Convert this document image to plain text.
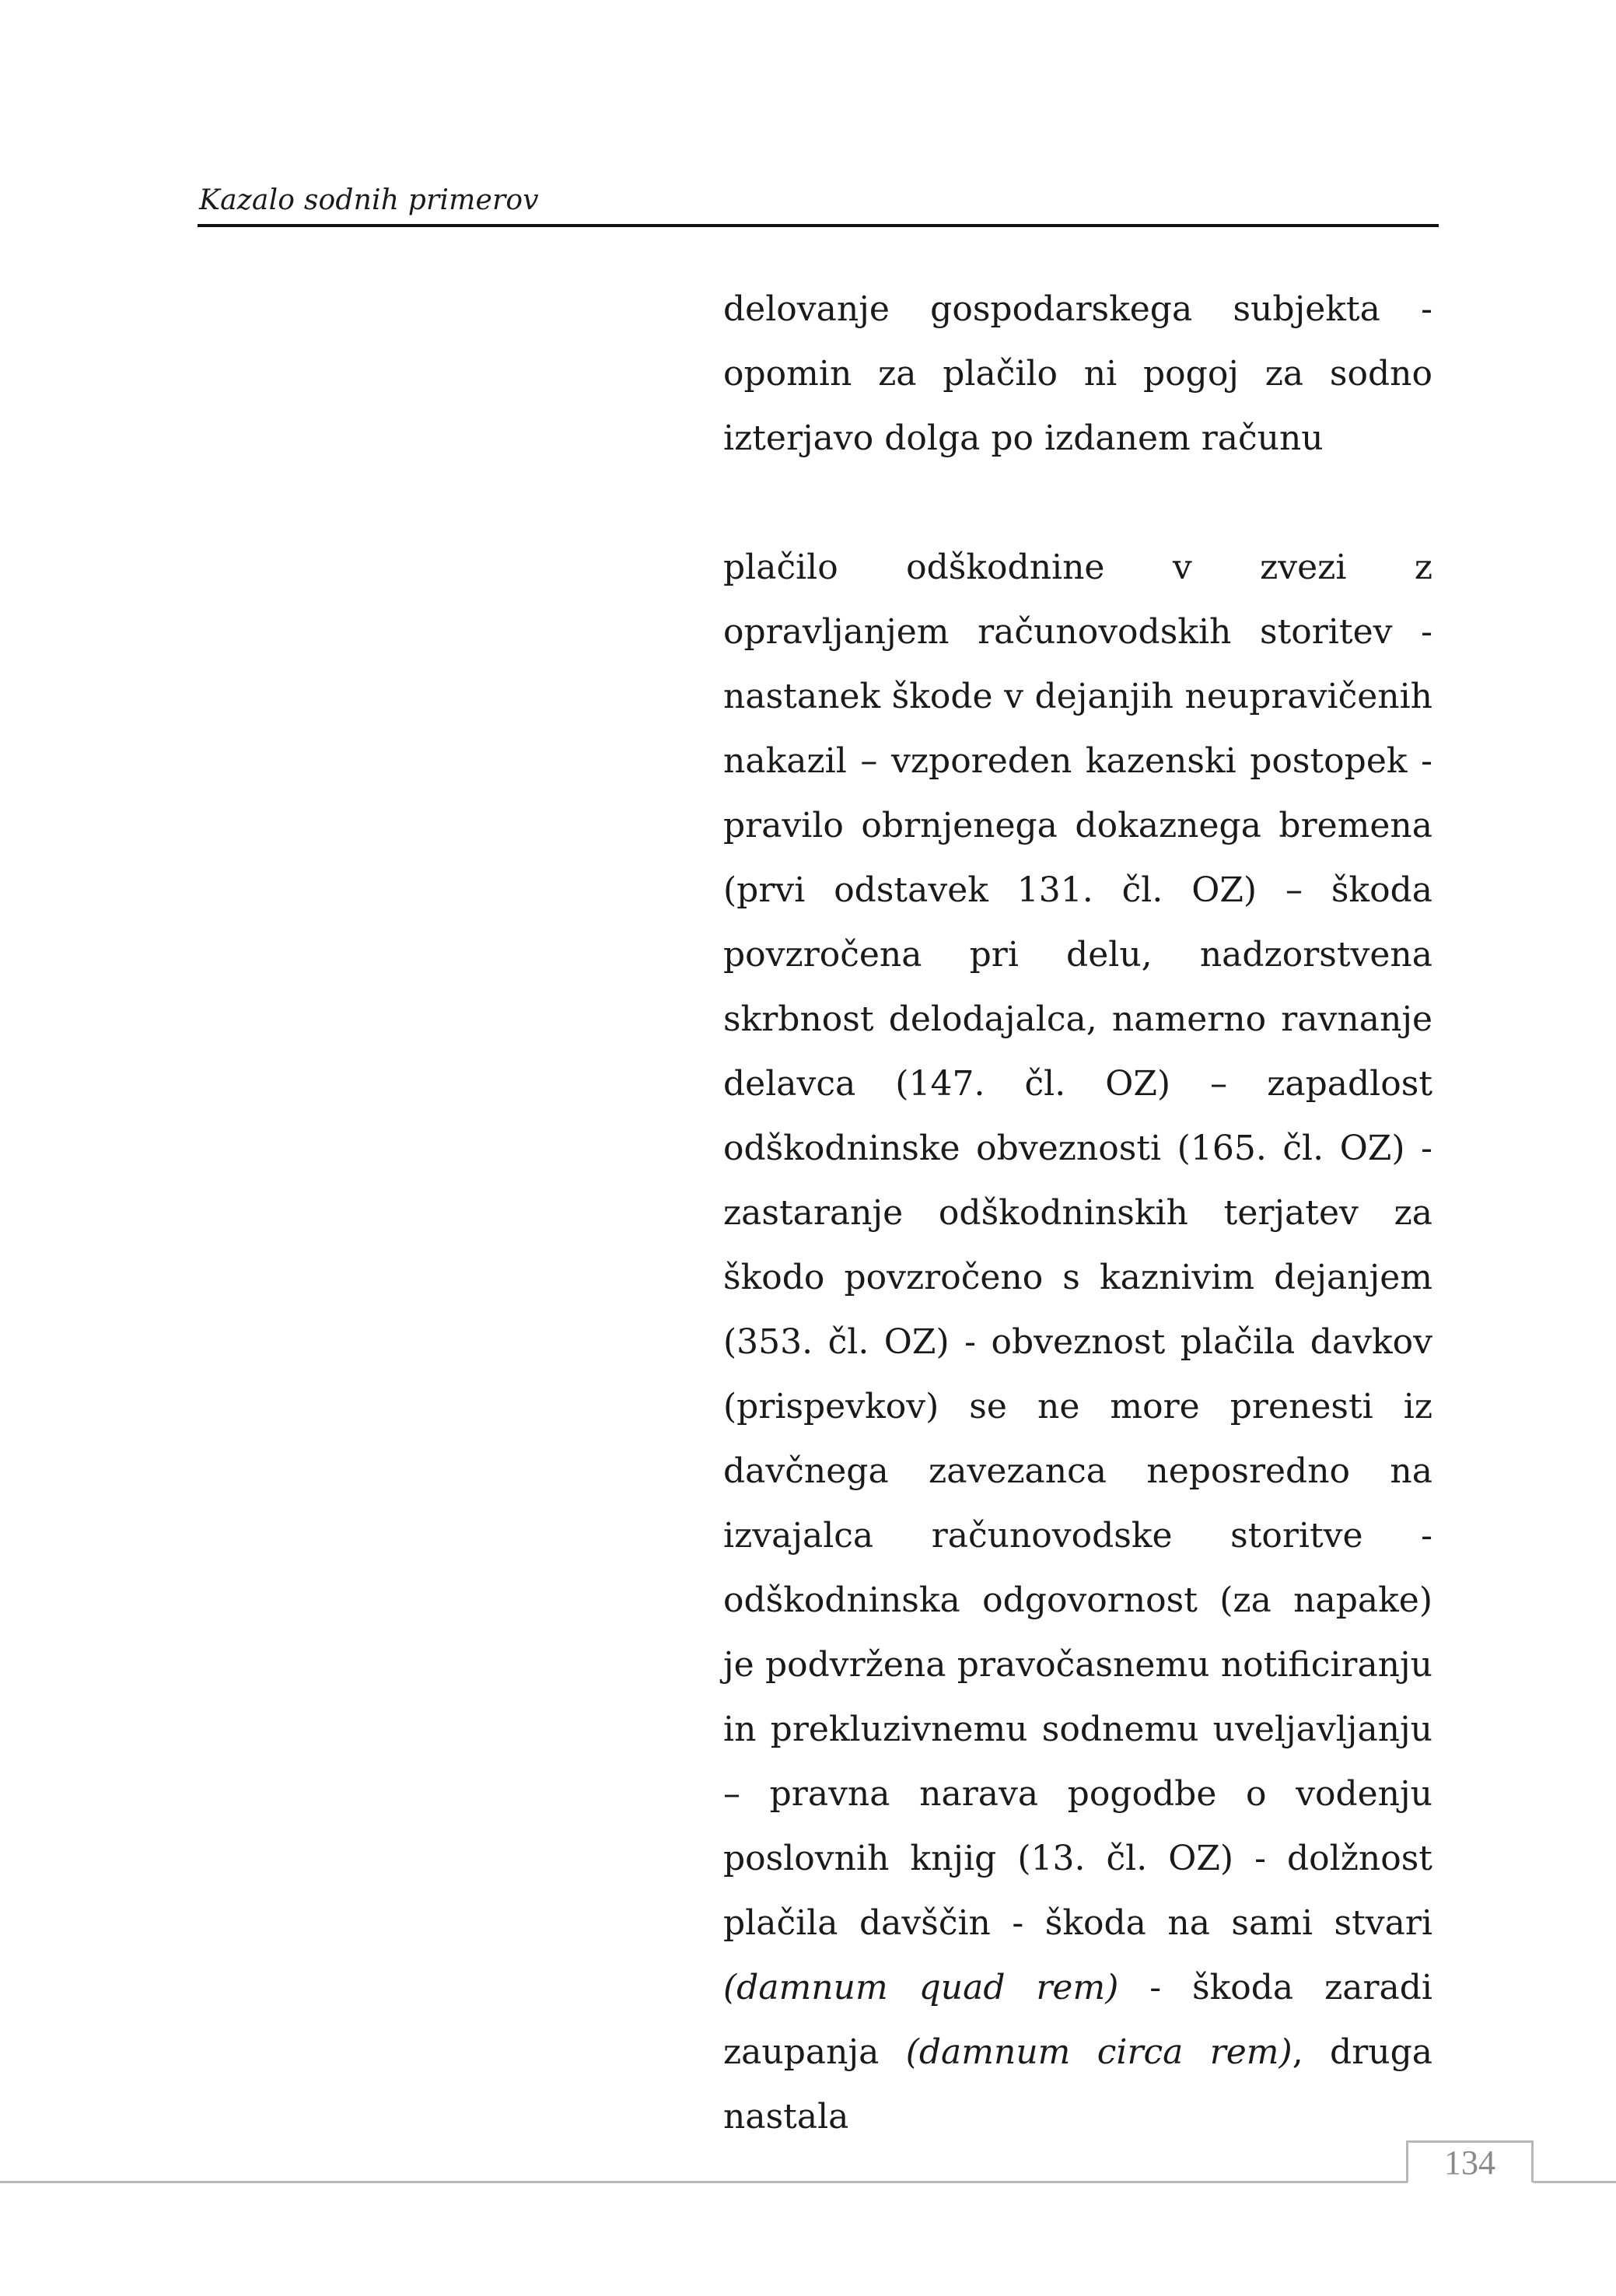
Kazalo sodnih primerov

delovanje gospodarskega subjekta - opomin za plačilo ni pogoj za sodno izterjavo dolga po izdanem računu

plačilo odškodnine v zvezi z opravljanjem računovodskih storitev - nastanek škode v dejanjih neupravičenih nakazil – vzporeden kazenski postopek - pravilo obrnjenega dokaznega bremena (prvi odstavek 131. čl. OZ) – škoda povzročena pri delu, nadzorstvena skrbnost delodajalca, namerno ravnanje delavca (147. čl. OZ) – zapadlost odškodninske obveznosti (165. čl. OZ) - zastaranje odškodninskih terjatev za škodo povzročeno s kaznivim dejanjem (353. čl. OZ) - obveznost plačila davkov (prispevkov) se ne more prenesti iz davčnega zavezanca neposredno na izvajalca računovodske storitve - odškodninska odgovornost (za napake) je podvržena pravočasnemu notificiranju in prekluzivnemu sodnemu uveljavljanju – pravna narava pogodbe o vodenju poslovnih knjig (13. čl. OZ) - dolžnost plačila davščin - škoda na sami stvari (damnum quad rem) - škoda zaradi zaupanja (damnum circa rem), druga nastala

134
